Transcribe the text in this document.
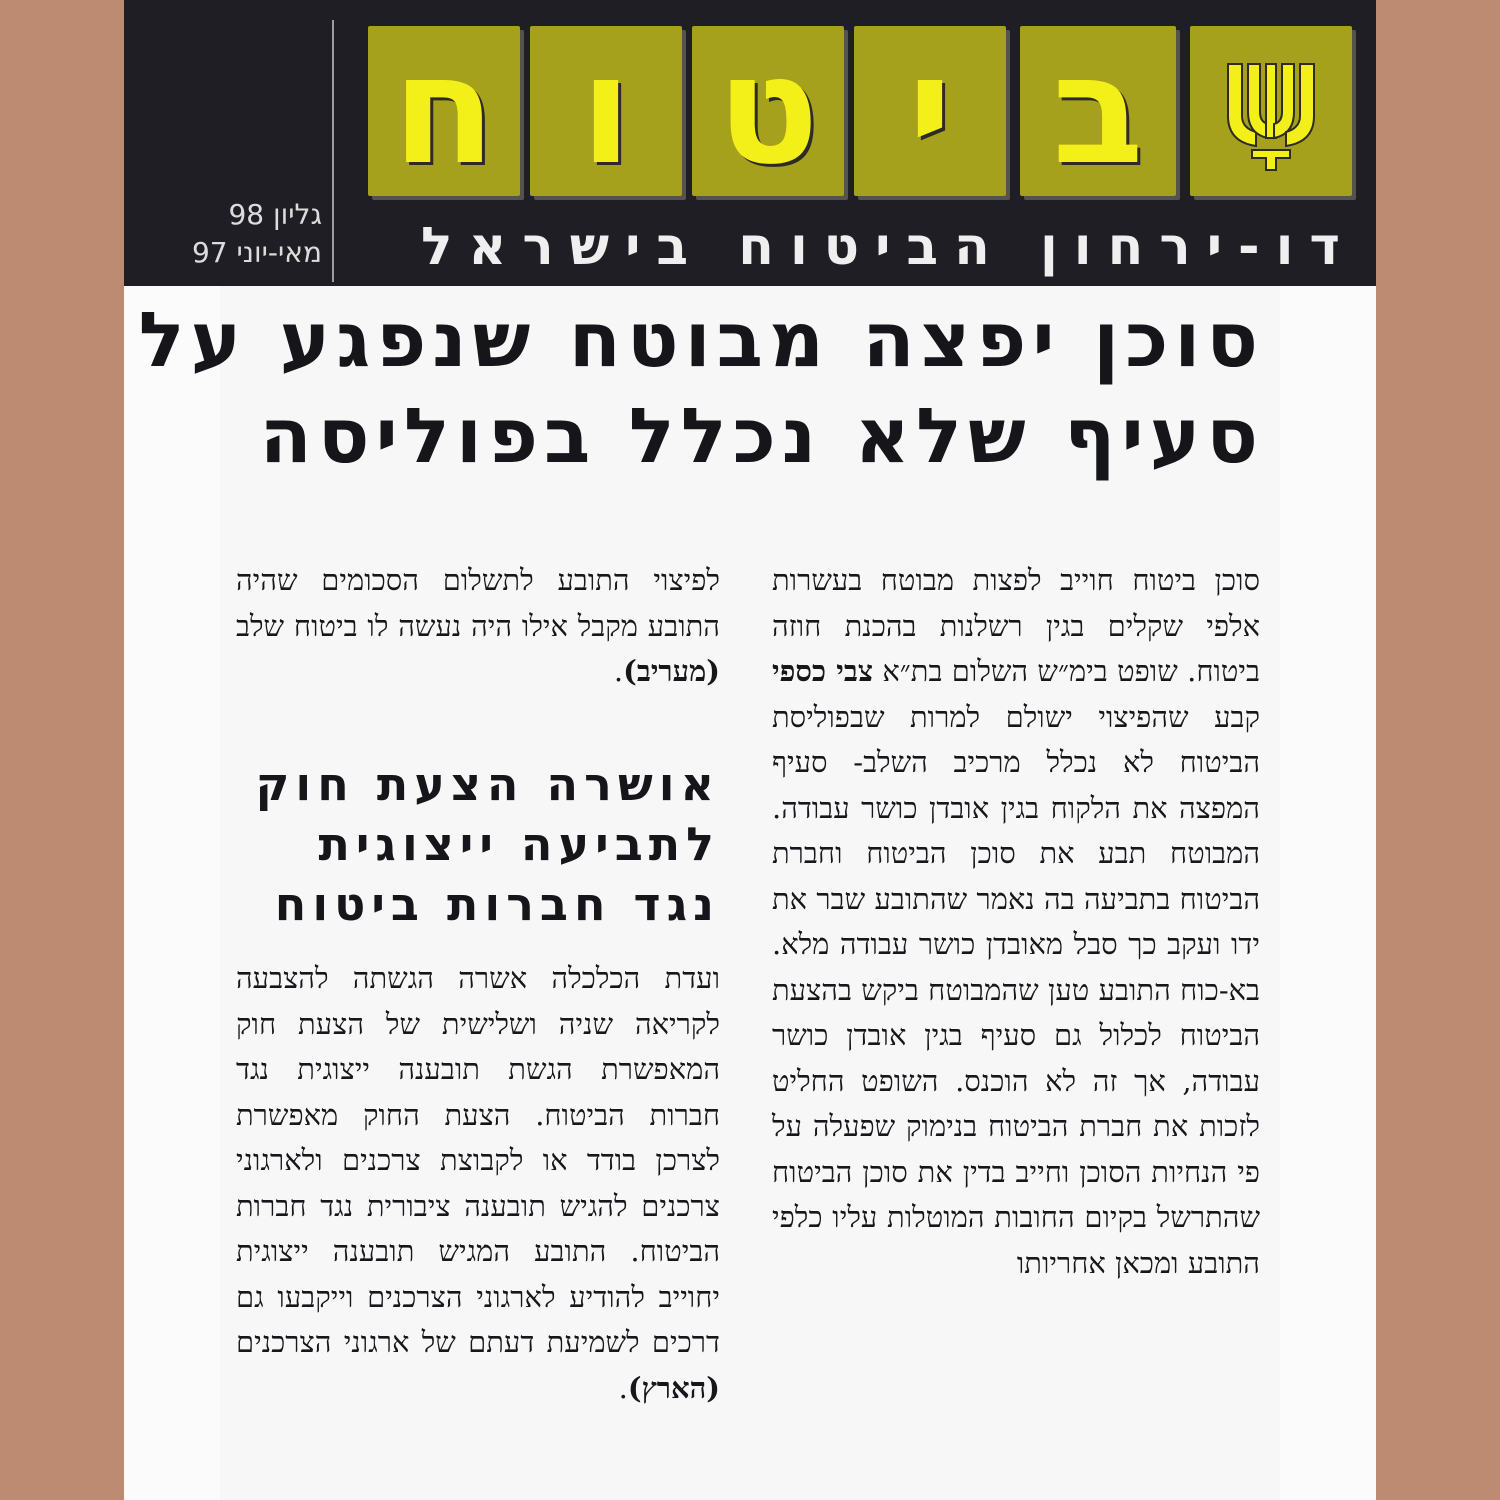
ח ו ט י ב
דו-ירחון הביטוח בישראל
גליון 98
מאי-יוני 97
סוכן יפצה מבוטח שנפגע על
סעיף שלא נכלל בפוליסה

סוכן ביטוח חוייב לפצות מבוטח בעשרות אלפי שקלים בגין רשלנות בהכנת חוזה ביטוח. שופט בימ״ש השלום בת״א צבי כספי קבע שהפיצוי ישולם למרות שבפוליסת הביטוח לא נכלל מרכיב השלב- סעיף המפצה את הלקוח בגין אובדן כושר עבודה. המבוטח תבע את סוכן הביטוח וחברת הביטוח בתביעה בה נאמר שהתובע שבר את ידו ועקב כך סבל מאובדן כושר עבודה מלא. בא-כוח התובע טען שהמבוטח ביקש בהצעת הביטוח לכלול גם סעיף בגין אובדן כושר עבודה, אך זה לא הוכנס. השופט החליט לזכות את חברת הביטוח בנימוק שפעלה על פי הנחיות הסוכן וחייב בדין את סוכן הביטוח שהתרשל בקיום החובות המוטלות עליו כלפי התובע ומכאן אחריותו

לפיצוי התובע לתשלום הסכומים שהיה התובע מקבל אילו היה נעשה לו ביטוח שלב (מעריב).

אושרה הצעת חוק
לתביעה ייצוגית
נגד חברות ביטוח

ועדת הכלכלה אשרה הגשתה להצבעה לקריאה שניה ושלישית של הצעת חוק המאפשרת הגשת תובענה ייצוגית נגד חברות הביטוח. הצעת החוק מאפשרת לצרכן בודד או לקבוצת צרכנים ולארגוני צרכנים להגיש תובענה ציבורית נגד חברות הביטוח. התובע המגיש תובענה ייצוגית יחוייב להודיע לארגוני הצרכנים וייקבעו גם דרכים לשמיעת דעתם של ארגוני הצרכנים (הארץ).
